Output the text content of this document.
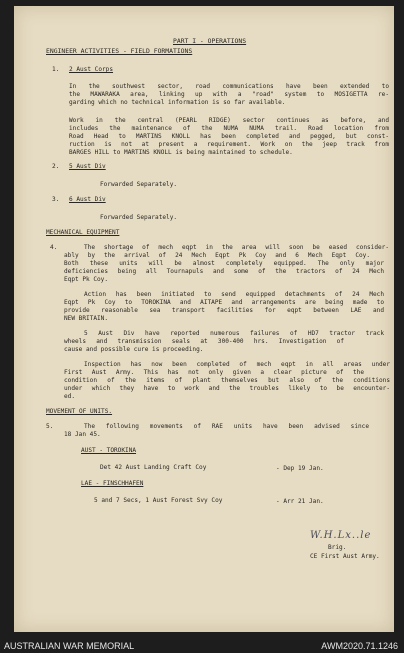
PART I - OPERATIONS
ENGINEER ACTIVITIES - FIELD FORMATIONS
1. 2 Aust Corps
In the southwest sector, road communications have been extended to
the MAWARAKA area, linking up with a "road" system to MOSIGETTA re-
garding which no technical information is so far available.
Work in the central (PEARL RIDGE) sector continues as before, and
includes the maintenance of the NUMA NUMA trail. Road location from
Road Head to MARTINS KNOLL has been completed and pegged, but const-
ruction is not at present a requirement. Work on the jeep track from
BARGES HILL to MARTINS KNOLL is being maintained to schedule.
2. 5 Aust Div
Forwarded Separately.
3. 6 Aust Div
Forwarded Separately.
MECHANICAL EQUIPMENT
4.	The shortage of mech eqpt in the area will soon be eased consider-
ably by the arrival of 24 Mech Eqpt Pk Coy and 6 Mech Eqpt Coy.
Both these units will be almost completely equipped. The only major
deficiencies being all Tournapuls and some of the tractors of 24 Mech
Eqpt Pk Coy.
Action has been initiated to send equipped detachments of 24 Mech
Eqpt Pk Coy to TOROKINA and AITAPE and arrangements are being made to
provide reasonable sea transport facilities for eqpt between LAE and
NEW BRITAIN.
5 Aust Div have reported numerous failures of HD7 tractor track
wheels and transmission seals at 300-400 hrs. Investigation of
cause and possible cure is proceeding.
Inspection has now been completed of mech eqpt in all areas under
First Aust Army. This has not only given a clear picture of the
condition of the items of plant themselves but also of the conditions
under which they have to work and the troubles likely to be encounter-
ed.
MOVEMENT OF UNITS.
5.	The following movements of RAE units have been advised since
18 Jan 45.
AUST - TOROKINA
Det 42 Aust Landing Craft Coy	- Dep 19 Jan.
LAE - FINSCHHAFEN
5 and 7 Secs, 1 Aust Forest Svy Coy	- Arr 21 Jan.
W.H.Lx..le
Brig.
CE First Aust Army.
AUSTRALIAN WAR MEMORIAL	AWM2020.71.1246
